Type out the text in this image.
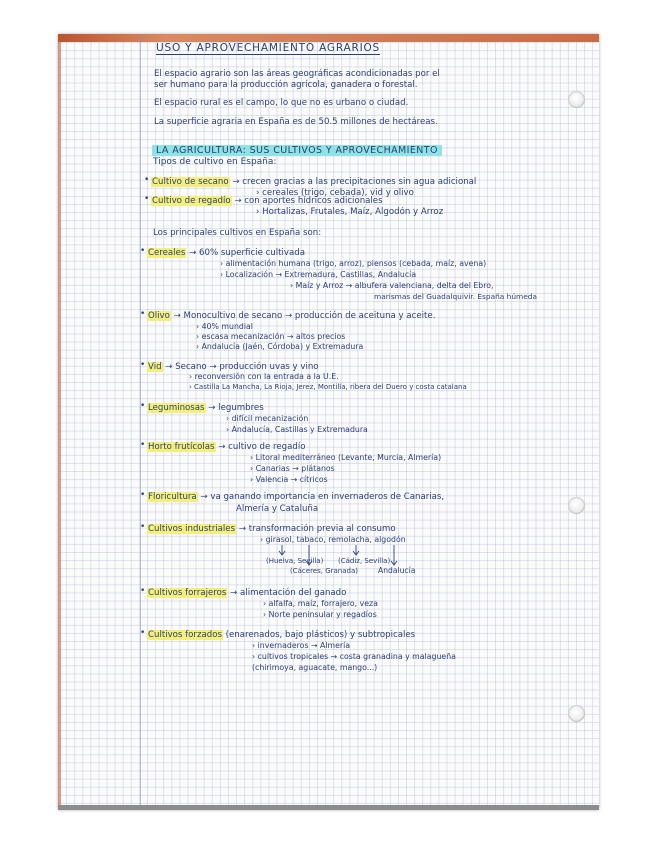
USO Y APROVECHAMIENTO AGRARIOS
El espacio agrario son las áreas geográficas acondicionadas por el
ser humano para la producción agrícola, ganadera o forestal.
El espacio rural es el campo, lo que no es urbano o ciudad.
La superficie agraria en España es de 50.5 millones de hectáreas.
LA AGRICULTURA: SUS CULTIVOS Y APROVECHAMIENTO
Tipos de cultivo en España:
• Cultivo de secano → crecen gracias a las precipitaciones sin agua adicional
› cereales (trigo, cebada), vid y olivo
• Cultivo de regadío → con aportes hídricos adicionales
› Hortalizas, Frutales, Maíz, Algodón y Arroz
Los principales cultivos en España son:
• Cereales → 60% superficie cultivada
› alimentación humana (trigo, arroz), piensos (cebada, maíz, avena)
› Localización → Extremadura, Castillas, Andalucía
› Maíz y Arroz → albufera valenciana, delta del Ebro,
marismas del Guadalquivir. España húmeda
• Olivo → Monocultivo de secano → producción de aceituna y aceite.
› 40% mundial
› escasa mecanización → altos precios
› Andalucía (Jaén, Córdoba) y Extremadura
• Vid → Secano → producción uvas y vino
› reconversión con la entrada a la U.E.
› Castilla La Mancha, La Rioja, Jerez, Montilla, ribera del Duero y costa catalana
• Leguminosas → legumbres
› difícil mecanización
› Andalucía, Castillas y Extremadura
• Horto frutícolas → cultivo de regadío
› Litoral mediterráneo (Levante, Murcia, Almería)
› Canarias → plátanos
› Valencia → cítricos
• Floricultura → va ganando importancia en invernaderos de Canarias,
Almería y Cataluña
• Cultivos industriales → transformación previa al consumo
› girasol, tabaco, remolacha, algodón
(Huelva, Sevilla)
(Cáceres, Granada)
(Cádiz, Sevilla)
Andalucía
• Cultivos forrajeros → alimentación del ganado
› alfalfa, maíz, forrajero, veza
› Norte peninsular y regadíos
• Cultivos forzados (enarenados, bajo plásticos) y subtropicales
› invernaderos → Almería
› cultivos tropicales → costa granadina y malagueña
(chirimoya, aguacate, mango...)
